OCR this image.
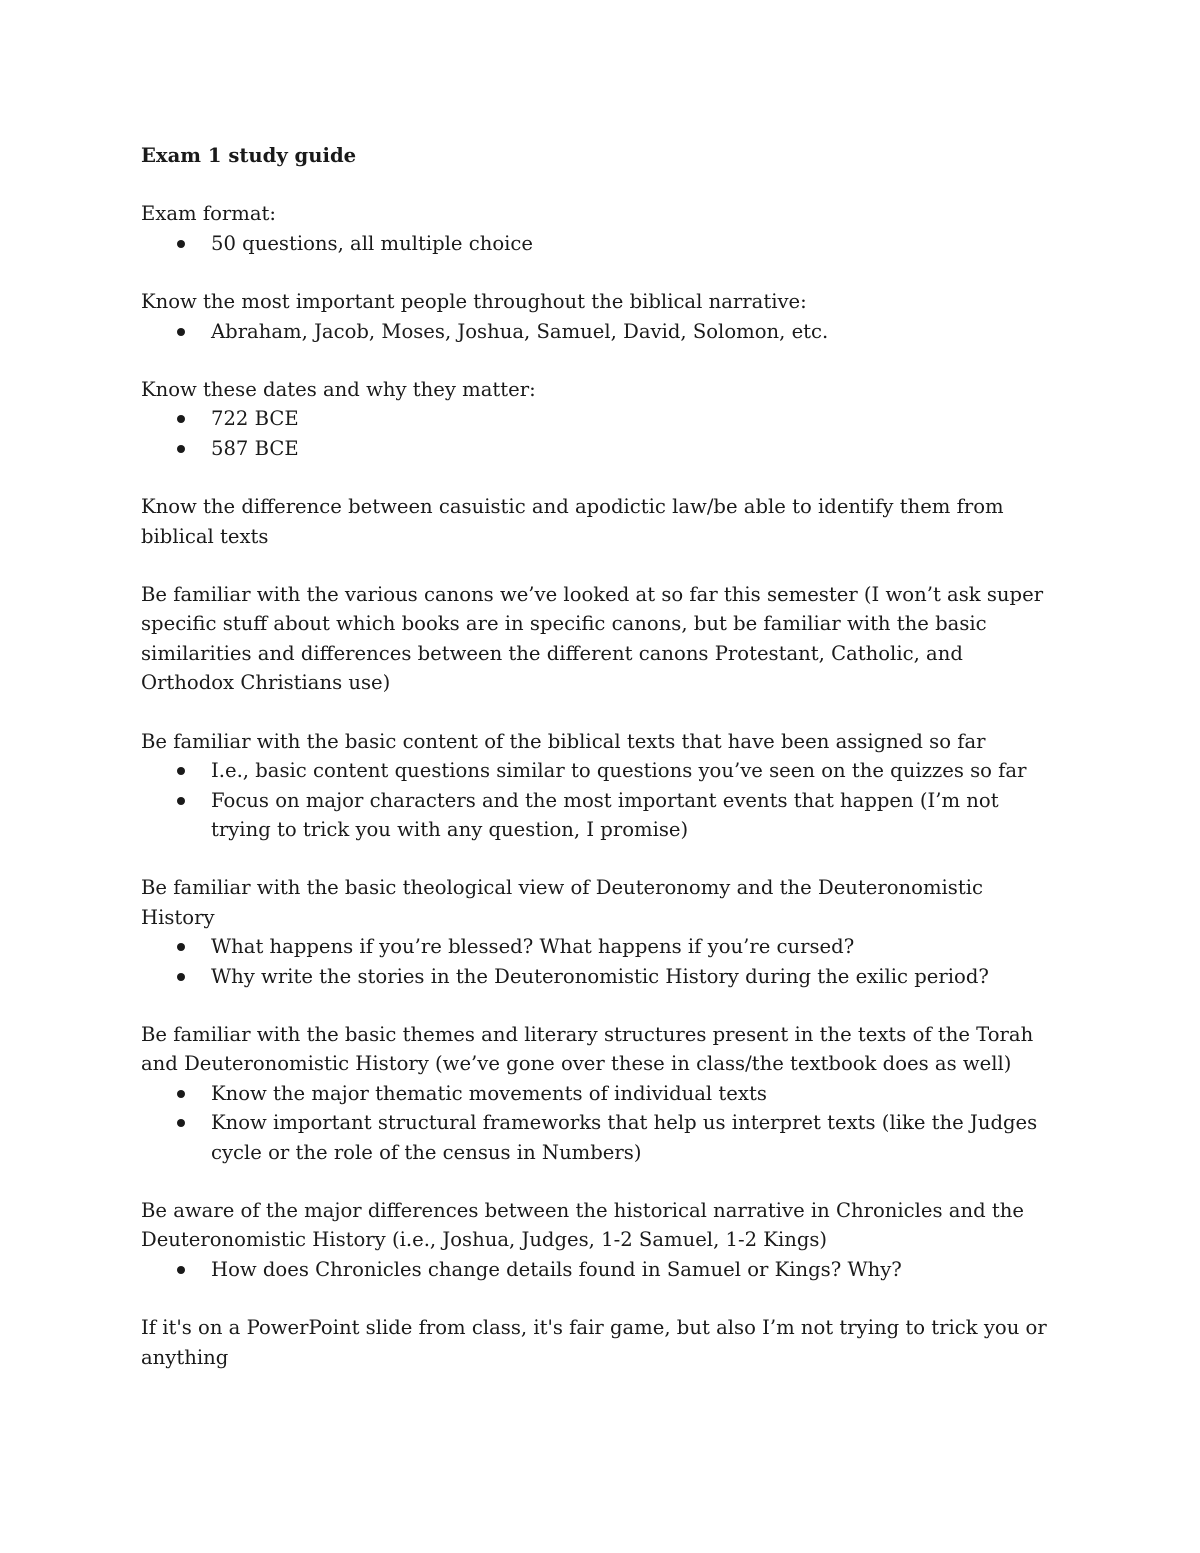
Exam 1 study guide

Exam format:

50 questions, all multiple choice

Know the most important people throughout the biblical narrative:

Abraham, Jacob, Moses, Joshua, Samuel, David, Solomon, etc.

Know these dates and why they matter:

722 BCE
587 BCE

Know the difference between casuistic and apodictic law/be able to identify them from biblical texts

Be familiar with the various canons we’ve looked at so far this semester (I won’t ask super specific stuff about which books are in specific canons, but be familiar with the basic similarities and differences between the different canons Protestant, Catholic, and Orthodox Christians use)

Be familiar with the basic content of the biblical texts that have been assigned so far

I.e., basic content questions similar to questions you’ve seen on the quizzes so far
Focus on major characters and the most important events that happen (I’m not trying to trick you with any question, I promise)

Be familiar with the basic theological view of Deuteronomy and the Deuteronomistic History

What happens if you’re blessed? What happens if you’re cursed?
Why write the stories in the Deuteronomistic History during the exilic period?

Be familiar with the basic themes and literary structures present in the texts of the Torah and Deuteronomistic History (we’ve gone over these in class/the textbook does as well)

Know the major thematic movements of individual texts
Know important structural frameworks that help us interpret texts (like the Judges cycle or the role of the census in Numbers)

Be aware of the major differences between the historical narrative in Chronicles and the Deuteronomistic History (i.e., Joshua, Judges, 1-2 Samuel, 1-2 Kings)

How does Chronicles change details found in Samuel or Kings? Why?

If it's on a PowerPoint slide from class, it's fair game, but also I’m not trying to trick you or anything
